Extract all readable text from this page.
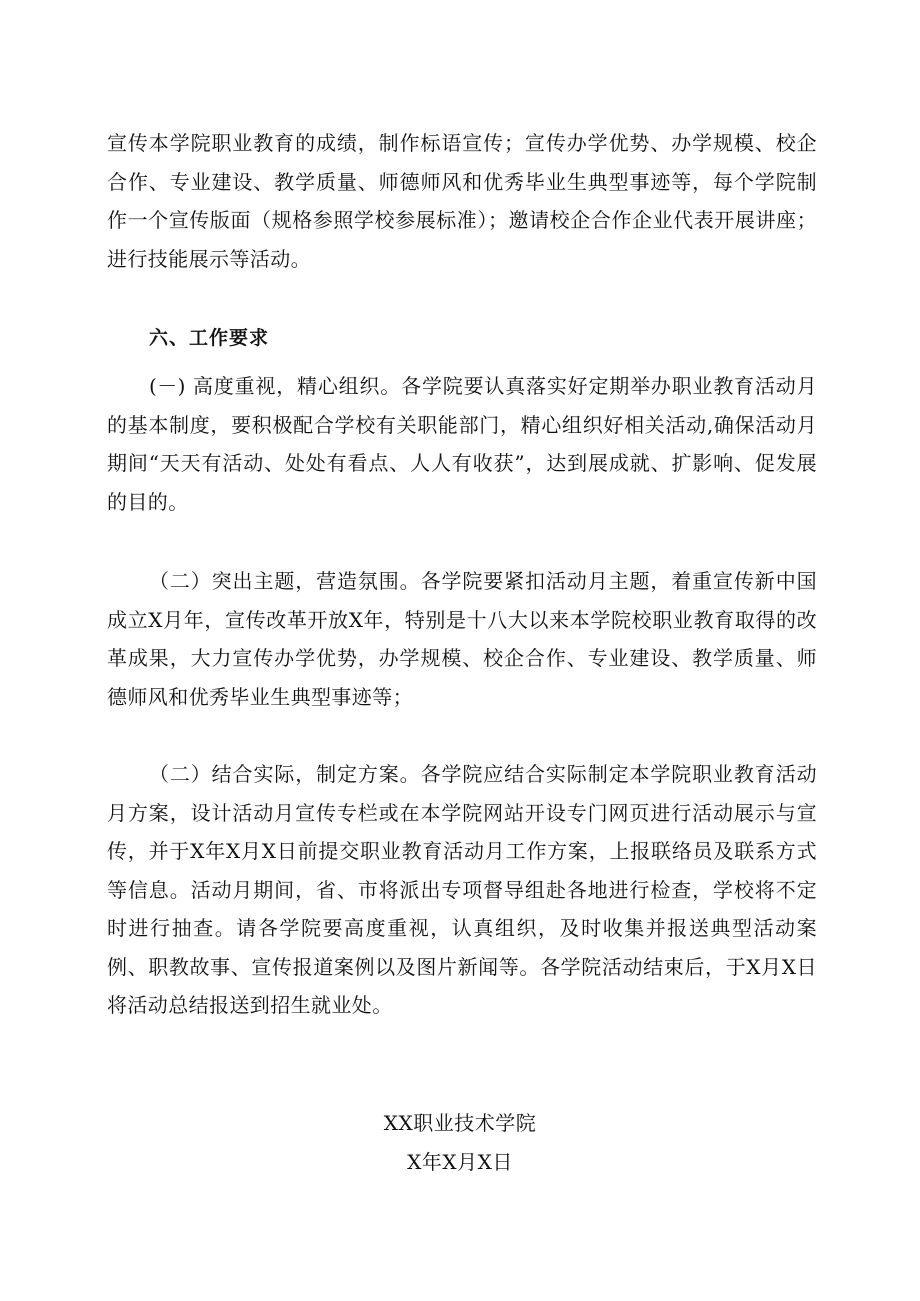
宣传本学院职业教育的成绩，制作标语宣传；宣传办学优势、办学规模、校企合作、专业建设、教学质量、师德师风和优秀毕业生典型事迹等，每个学院制作一个宣传版面（规格参照学校参展标准）；邀请校企合作企业代表开展讲座；进行技能展示等活动。

六、工作要求

(－) 高度重视，精心组织。各学院要认真落实好定期举办职业教育活动月的基本制度，要积极配合学校有关职能部门，精心组织好相关活动,确保活动月期间“天天有活动、处处有看点、人人有收获”，达到展成就、扩影响、促发展的目的。

（二）突出主题，营造氛围。各学院要紧扣活动月主题，着重宣传新中国成立X月年，宣传改革开放X年，特别是十八大以来本学院校职业教育取得的改革成果，大力宣传办学优势，办学规模、校企合作、专业建设、教学质量、师德师风和优秀毕业生典型事迹等；

（二）结合实际，制定方案。各学院应结合实际制定本学院职业教育活动月方案，设计活动月宣传专栏或在本学院网站开设专门网页进行活动展示与宣传，并于X年X月X日前提交职业教育活动月工作方案，上报联络员及联系方式等信息。活动月期间，省、市将派出专项督导组赴各地进行检查，学校将不定时进行抽查。请各学院要高度重视，认真组织，及时收集并报送典型活动案例、职教故事、宣传报道案例以及图片新闻等。各学院活动结束后，于X月X日将活动总结报送到招生就业处。

XX职业技术学院

X年X月X日
